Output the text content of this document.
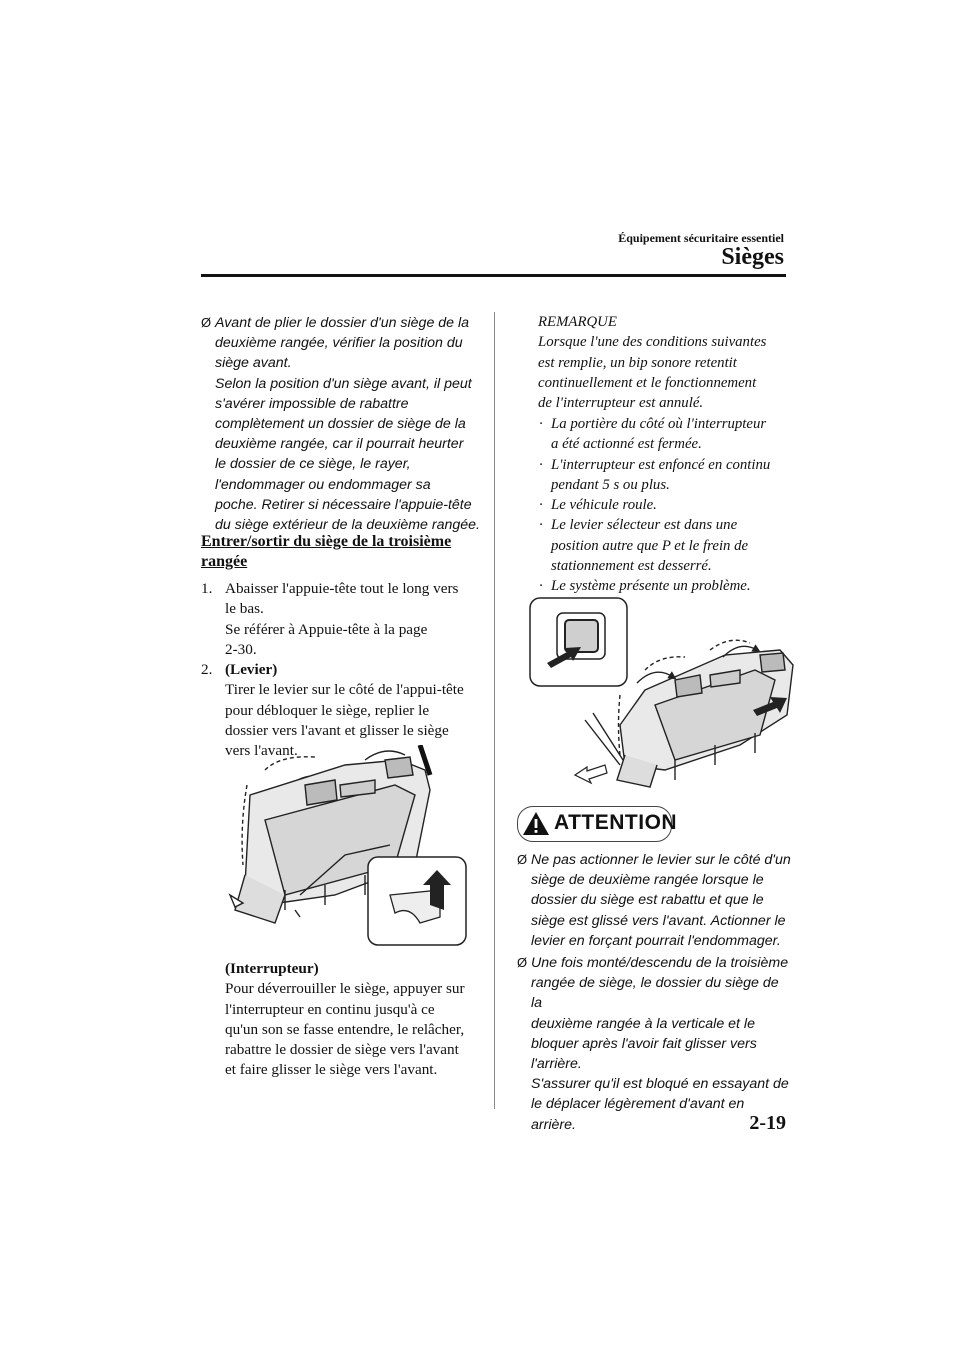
Équipement sécuritaire essentiel
Sièges
Ø Avant de plier le dossier d'un siège de la

deuxième rangée, vérifier la position du

siège avant.

Selon la position d'un siège avant, il peut

s'avérer impossible de rabattre

complètement un dossier de siège de la

deuxième rangée, car il pourrait heurter

le dossier de ce siège, le rayer,

l'endommager ou endommager sa

poche. Retirer si nécessaire l'appuie-tête

du siège extérieur de la deuxième rangée.

Entrer/sortir du siège de la troisième rangée
1. Abaisser l'appuie-tête tout le long vers

le bas.

Se référer à Appuie-tête à la page

2-30.

2. (Levier)

Tirer le levier sur le côté de l'appui-tête

pour débloquer le siège, replier le

dossier vers l'avant et glisser le siège

vers l'avant.

(Interrupteur)

Pour déverrouiller le siège, appuyer sur

l'interrupteur en continu jusqu'à ce

qu'un son se fasse entendre, le relâcher,

rabattre le dossier de siège vers l'avant

et faire glisser le siège vers l'avant.

REMARQUE

Lorsque l'une des conditions suivantes

est remplie, un bip sonore retentit

continuellement et le fonctionnement

de l'interrupteur est annulé.

· La portière du côté où l'interrupteur
a été actionné est fermée.
· L'interrupteur est enfoncé en continu
pendant 5 s ou plus.
· Le véhicule roule.
· Le levier sélecteur est dans une
position autre que P et le frein de
stationnement est desserré.
· Le système présente un problème.
ATTENTION
Ø Ne pas actionner le levier sur le côté d'un

siège de deuxième rangée lorsque le

dossier du siège est rabattu et que le

siège est glissé vers l'avant. Actionner le

levier en forçant pourrait l'endommager.

Ø Une fois monté/descendu de la troisième

rangée de siège, le dossier du siège de la

deuxième rangée à la verticale et le

bloquer après l'avoir fait glisser vers

l'arrière.

S'assurer qu'il est bloqué en essayant de

le déplacer légèrement d'avant en

arrière.	2-19
